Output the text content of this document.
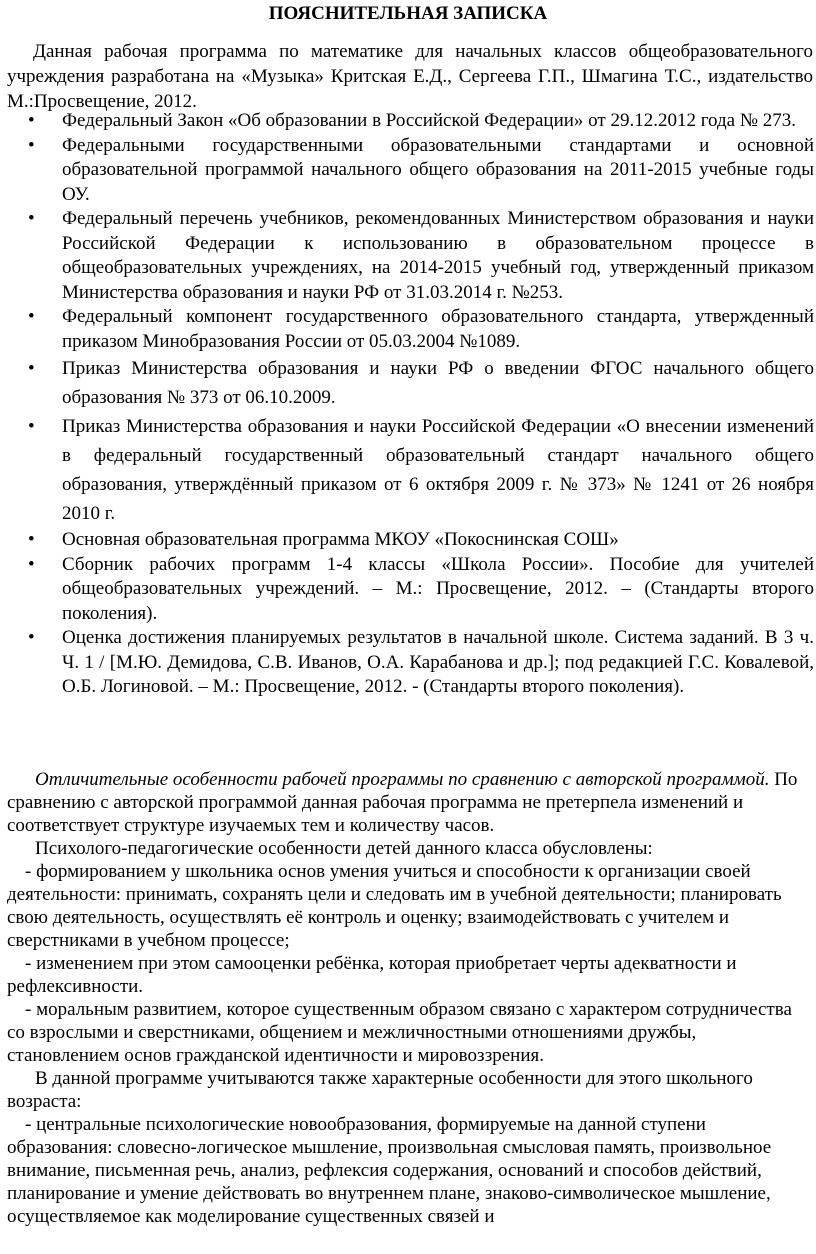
ПОЯСНИТЕЛЬНАЯ ЗАПИСКА
Данная рабочая программа по математике для начальных классов общеобразовательного учреждения разработана на «Музыка» Критская Е.Д., Сергеева Г.П., Шмагина Т.С., издательство М.:Просвещение, 2012.
• Федеральный Закон «Об образовании в Российской Федерации» от 29.12.2012 года № 273.
• Федеральными государственными образовательными стандартами и основной образовательной программой начального общего образования на 2011-2015 учебные годы ОУ.
• Федеральный перечень учебников, рекомендованных Министерством образования и науки Российской Федерации к использованию в образовательном процессе в общеобразовательных учреждениях, на 2014-2015 учебный год, утвержденный приказом Министерства образования и науки РФ от 31.03.2014 г. №253.
• Федеральный компонент государственного образовательного стандарта, утвержденный приказом Минобразования России от 05.03.2004 №1089.
• Приказ Министерства образования и науки РФ о введении ФГОС начального общего образования № 373 от 06.10.2009.
• Приказ Министерства образования и науки Российской Федерации «О внесении изменений в федеральный государственный образовательный стандарт начального общего образования, утверждённый приказом от 6 октября 2009 г. № 373» № 1241 от 26 ноября 2010 г.
• Основная образовательная программа МКОУ «Покоснинская СОШ»
• Сборник рабочих программ 1-4 классы «Школа России». Пособие для учителей общеобразовательных учреждений. – М.: Просвещение, 2012. – (Стандарты второго поколения).
• Оценка достижения планируемых результатов в начальной школе. Система заданий. В 3 ч. Ч. 1 / [М.Ю. Демидова, С.В. Иванов, О.А. Карабанова и др.]; под редакцией Г.С. Ковалевой, О.Б. Логиновой. – М.: Просвещение, 2012. - (Стандарты второго поколения).

Отличительные особенности рабочей программы по сравнению с авторской программой. По сравнению с авторской программой данная рабочая программа не претерпела изменений и соответствует структуре изучаемых тем и количеству часов.

Психолого-педагогические особенности детей данного класса обусловлены:

- формированием у школьника основ умения учиться и способности к организации своей деятельности: принимать, сохранять цели и следовать им в учебной деятельности; планировать свою деятельность, осуществлять её контроль и оценку; взаимодействовать с учителем и сверстниками в учебном процессе;

- изменением при этом самооценки ребёнка, которая приобретает черты адекватности и рефлексивности.

- моральным развитием, которое существенным образом связано с характером сотрудничества со взрослыми и сверстниками, общением и межличностными отношениями дружбы, становлением основ гражданской идентичности и мировоззрения.

В данной программе учитываются также характерные особенности для этого школьного возраста:

- центральные психологические новообразования, формируемые на данной ступени образования: словесно-логическое мышление, произвольная смысловая память, произвольное внимание, письменная речь, анализ, рефлексия содержания, оснований и способов действий, планирование и умение действовать во внутреннем плане, знаково-символическое мышление, осуществляемое как моделирование существенных связей и
